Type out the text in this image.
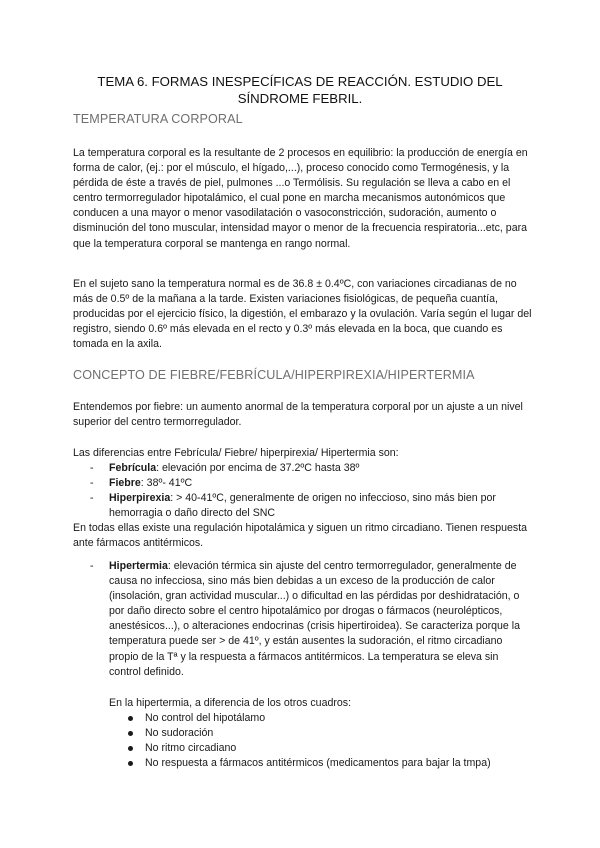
TEMA 6. FORMAS INESPECÍFICAS DE REACCIÓN. ESTUDIO DEL SÍNDROME FEBRIL.
TEMPERATURA CORPORAL

La temperatura corporal es la resultante de 2 procesos en equilibrio: la producción de energía en forma de calor, (ej.: por el músculo, el hígado,...), proceso conocido como Termogénesis, y la pérdida de éste a través de piel, pulmones ...o Termólisis. Su regulación se lleva a cabo en el centro termorregulador hipotalámico, el cual pone en marcha mecanismos autonómicos que conducen a una mayor o menor vasodilatación o vasoconstricción, sudoración, aumento o disminución del tono muscular, intensidad mayor o menor de la frecuencia respiratoria...etc, para que la temperatura corporal se mantenga en rango normal.

En el sujeto sano la temperatura normal es de 36.8 ± 0.4ºC, con variaciones circadianas de no más de 0.5º de la mañana a la tarde. Existen variaciones fisiológicas, de pequeña cuantía, producidas por el ejercicio físico, la digestión, el embarazo y la ovulación. Varía según el lugar del registro, siendo 0.6º más elevada en el recto y 0.3º más elevada en la boca, que cuando es tomada en la axila.

CONCEPTO DE FIEBRE/FEBRÍCULA/HIPERPIREXIA/HIPERTERMIA

Entendemos por fiebre: un aumento anormal de la temperatura corporal por un ajuste a un nivel superior del centro termorregulador.

Las diferencias entre Febrícula/ Fiebre/ hiperpirexia/ Hipertermia son:

-	Febrícula: elevación por encima de 37.2ºC hasta 38º
-	Fiebre: 38º- 41ºC
-	Hiperpirexia: > 40-41ºC, generalmente de origen no infeccioso, sino más bien por hemorragia o daño directo del SNC

En todas ellas existe una regulación hipotalámica y siguen un ritmo circadiano. Tienen respuesta ante fármacos antitérmicos.

-	Hipertermia: elevación térmica sin ajuste del centro termorregulador, generalmente de causa no infecciosa, sino más bien debidas a un exceso de la producción de calor (insolación, gran actividad muscular...) o dificultad en las pérdidas por deshidratación, o por daño directo sobre el centro hipotalámico por drogas o fármacos (neurolépticos, anestésicos...), o alteraciones endocrinas (crisis hipertiroidea). Se caracteriza porque la temperatura puede ser > de 41º, y están ausentes la sudoración, el ritmo circadiano propio de la Tª y la respuesta a fármacos antitérmicos. La temperatura se eleva sin control definido.

En la hipertermia, a diferencia de los otros cuadros:

No control del hipotálamo
No sudoración
No ritmo circadiano
No respuesta a fármacos antitérmicos (medicamentos para bajar la tmpa)
